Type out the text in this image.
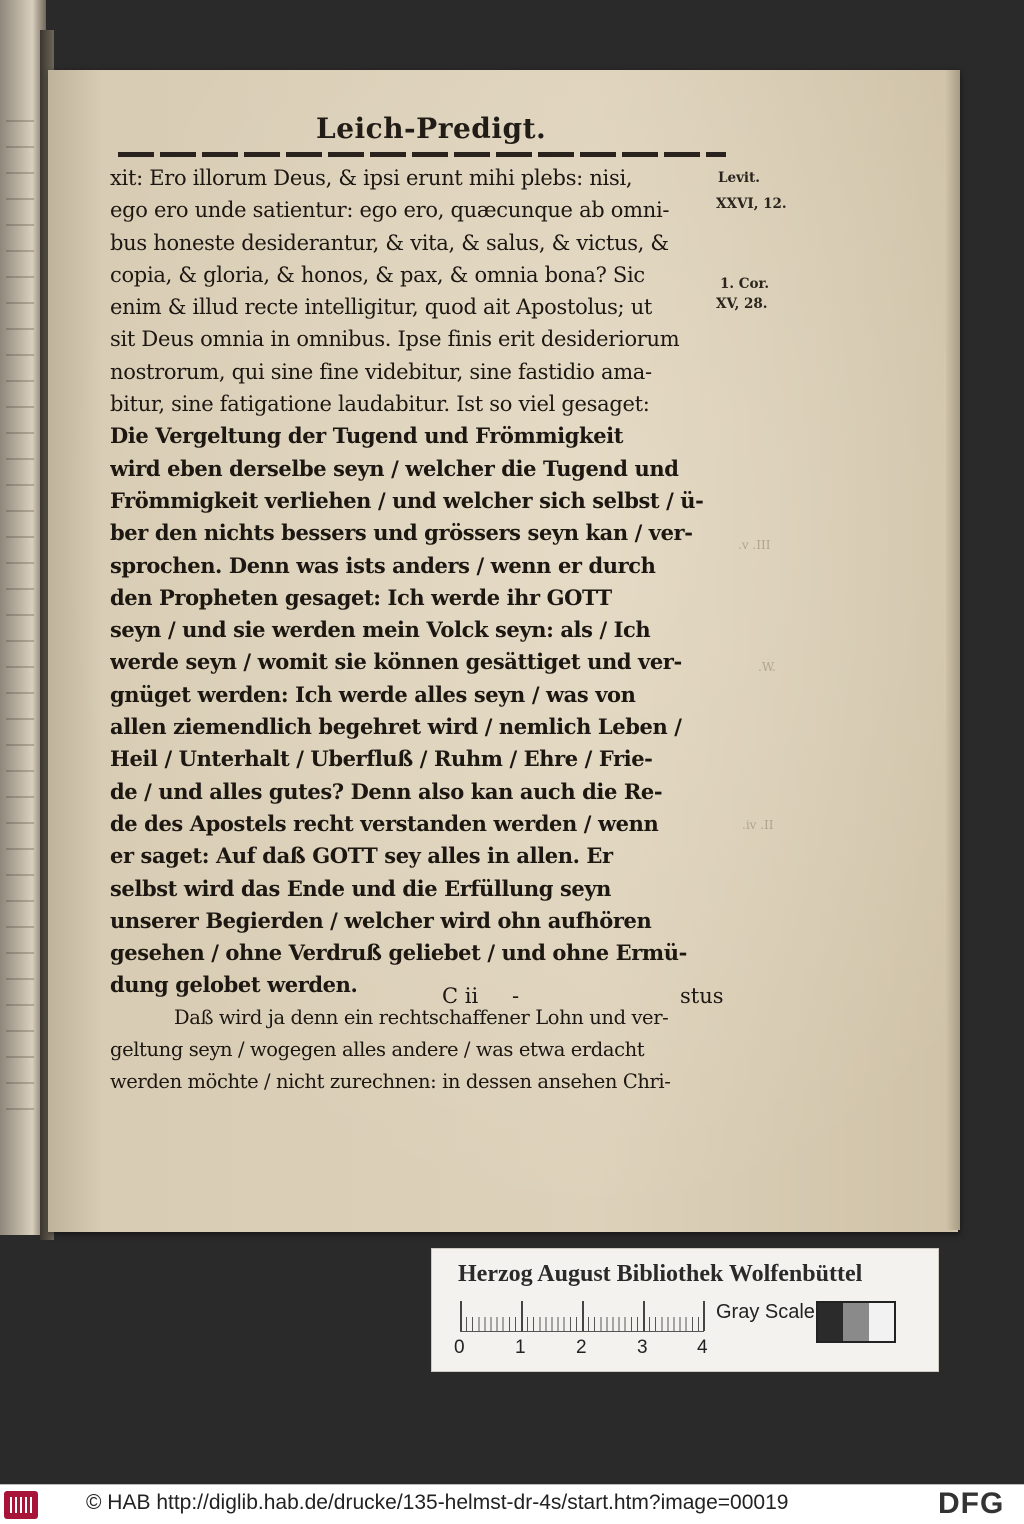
.v .III
.W.
.iv .II
Leich-Predigt.
xit: Ero illorum Deus, & ipsi erunt mihi plebs: nisi,
ego ero unde satientur: ego ero, quæcunque ab omni-
bus honeste desiderantur, & vita, & salus, & victus, &
copia, & gloria, & honos, & pax, & omnia bona? Sic
enim & illud recte intelligitur, quod ait Apostolus; ut
sit Deus omnia in omnibus. Ipse finis erit desideriorum
nostrorum, qui sine fine videbitur, sine fastidio ama-
bitur, sine fatigatione laudabitur. Ist so viel gesaget:
Die Vergeltung der Tugend und Frömmigkeit
wird eben derselbe seyn / welcher die Tugend und
Frömmigkeit verliehen / und welcher sich selbst / ü-
ber den nichts bessers und grössers seyn kan / ver-
sprochen. Denn was ists anders / wenn er durch
den Propheten gesaget: Ich werde ihr GOTT
seyn / und sie werden mein Volck seyn: als / Ich
werde seyn / womit sie können gesättiget und ver-
gnüget werden: Ich werde alles seyn / was von
allen ziemendlich begehret wird / nemlich Leben /
Heil / Unterhalt / Uberfluß / Ruhm / Ehre / Frie-
de / und alles gutes? Denn also kan auch die Re-
de des Apostels recht verstanden werden / wenn
er saget: Auf daß GOTT sey alles in allen. Er
selbst wird das Ende und die Erfüllung seyn
unserer Begierden / welcher wird ohn aufhören
gesehen / ohne Verdruß geliebet / und ohne Ermü-
dung gelobet werden.
Daß wird ja denn ein rechtschaffener Lohn und ver-
geltung seyn / wogegen alles andere / was etwa erdacht
werden möchte / nicht zurechnen: in dessen ansehen Chri-
Levit.
XXVI, 12.
1. Cor.
XV, 28.
C ii -	stus
Herzog August Bibliothek Wolfenbüttel
0	1	2	3	4
Gray Scale
© HAB http://diglib.hab.de/drucke/135-helmst-dr-4s/start.htm?image=00019	DFG
